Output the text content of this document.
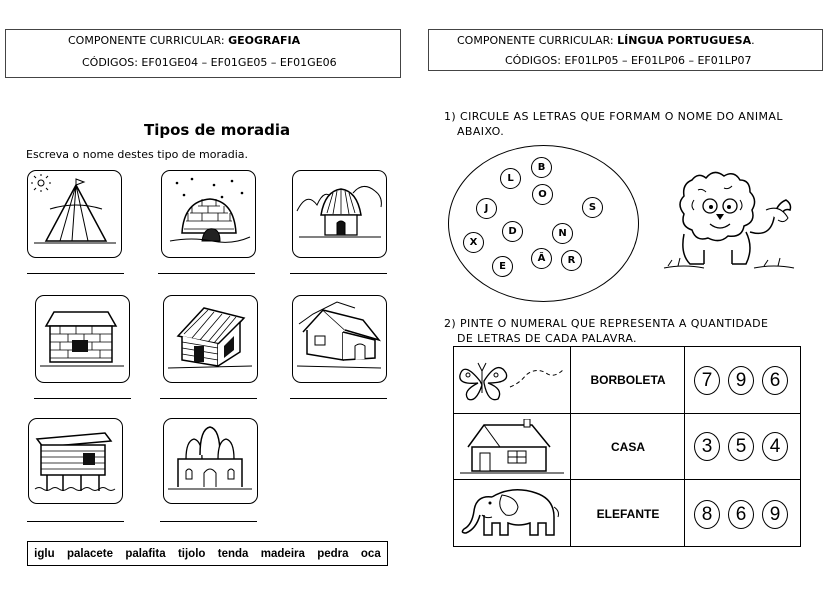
COMPONENTE CURRICULAR: GEOGRAFIA
CÓDIGOS: EF01GE04 – EF01GE05 – EF01GE06
COMPONENTE CURRICULAR: LÍNGUA PORTUGUESA.
CÓDIGOS: EF01LP05 – EF01LP06 – EF01LP07
Tipos de moradia
Escreva o nome destes tipo de moradia.
iglu palacete palafita tijolo tenda madeira pedra oca
1) CIRCULE AS LETRAS QUE FORMAM O NOME DO ANIMAL
ABAIXO.
B
L
O
S
J
D	N
X
E
Ã	R
2) PINTE O NUMERAL QUE REPRESENTA A QUANTIDADE
DE LETRAS DE CADA PALAVRA.
BORBOLETA	7	9	6
CASA	3	5	4
ELEFANTE	8	6	9
